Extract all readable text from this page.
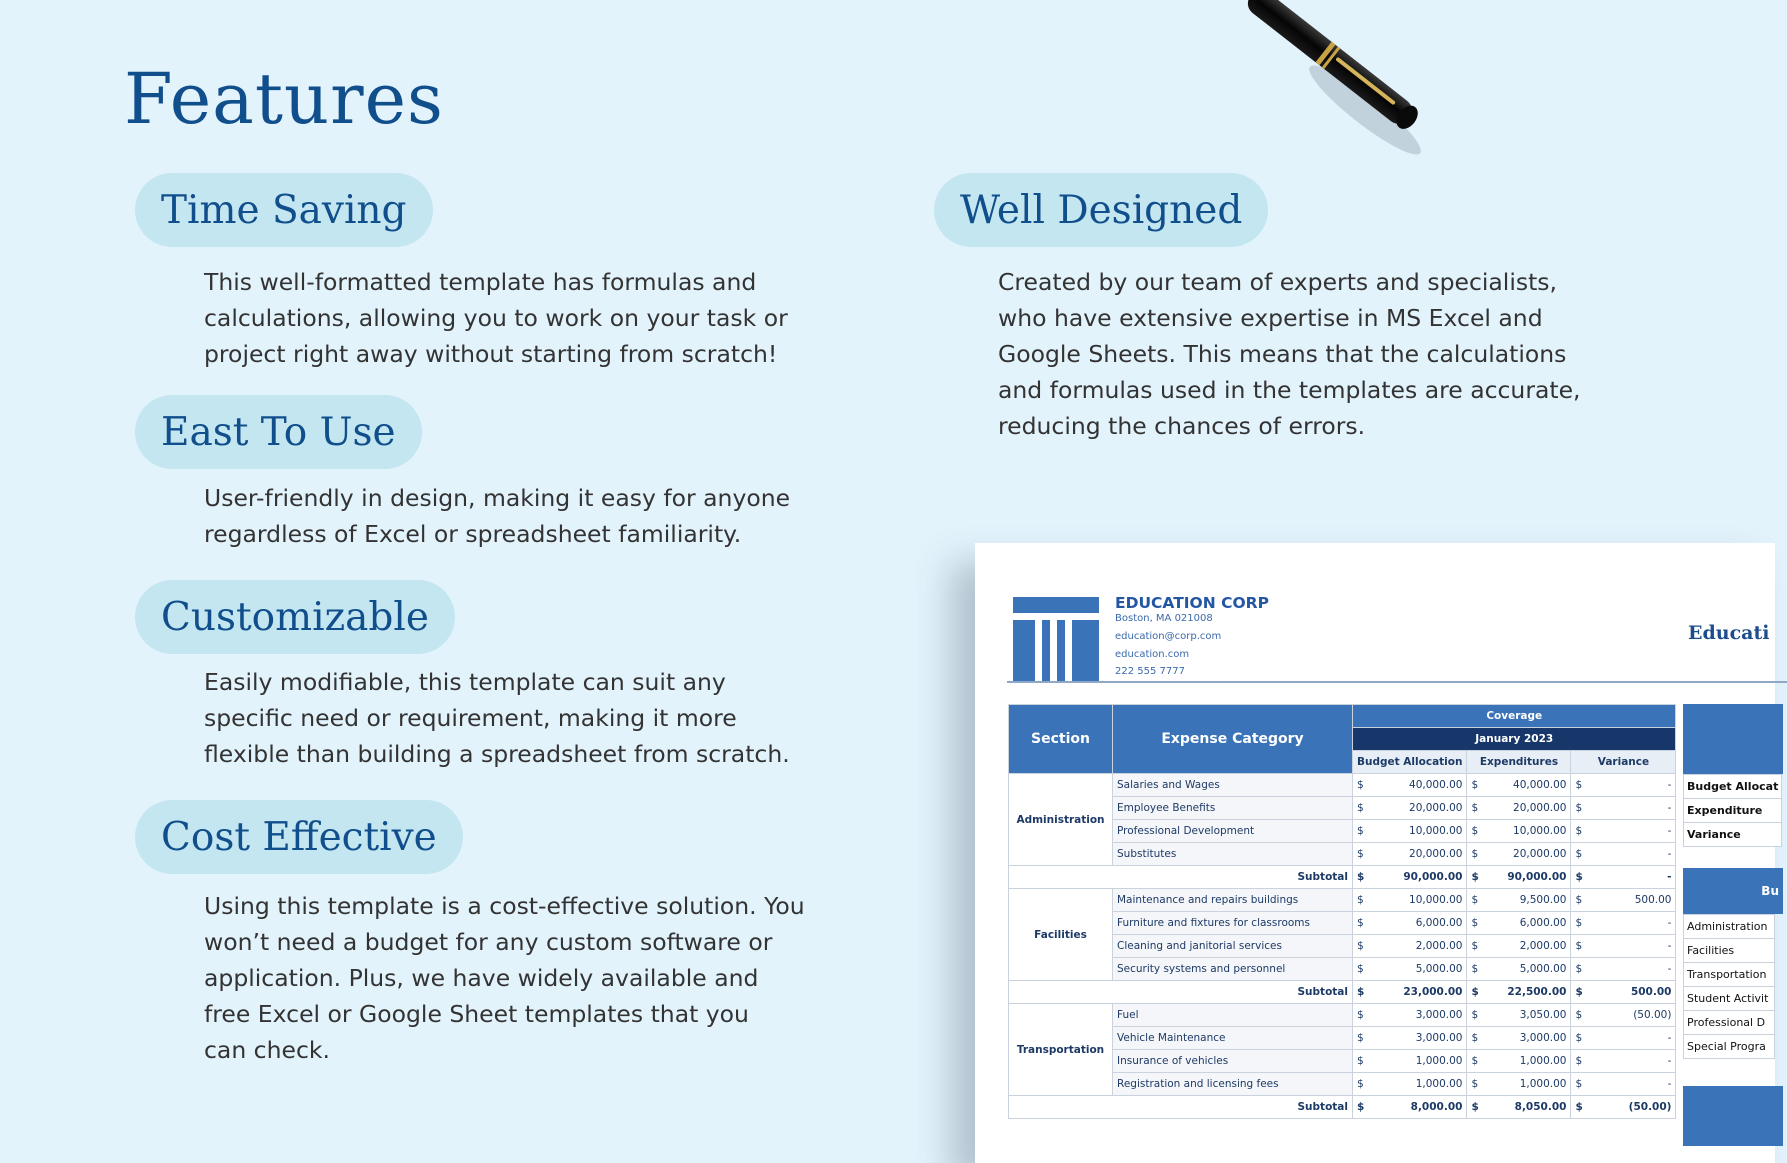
Features
Time Saving

This well-formatted template has formulas and
calculations, allowing you to work on your task or
project right away without starting from scratch!

East To Use

User-friendly in design, making it easy for anyone
regardless of Excel or spreadsheet familiarity.

Customizable

Easily modifiable, this template can suit any
specific need or requirement, making it more
flexible than building a spreadsheet from scratch.

Cost Effective

Using this template is a cost-effective solution. You
won’t need a budget for any custom software or
application. Plus, we have widely available and
free Excel or Google Sheet templates that you
can check.

Well Designed

Created by our team of experts and specialists,
who have extensive expertise in MS Excel and
Google Sheets. This means that the calculations
and formulas used in the templates are accurate,
reducing the chances of errors.

EDUCATION CORP
Boston, MA 021008
education@corp.com
education.com
222 555 7777
Educati
Section	Expense Category	Coverage		
		January 2023		
		Budget Allocation	Expenditures	Variance
Administration	Salaries and Wages	$ 40,000.00	$ 40,000.00	$ -

	Employee Benefits	$ 20,000.00	$ 20,000.00	$ -

	Professional Development	$ 10,000.00	$ 10,000.00	$ -

	Substitutes	$ 20,000.00	$ 20,000.00	$ -

Subtotal		$ 90,000.00	$ 90,000.00	$ -

Facilities	Maintenance and repairs buildings	$ 10,000.00	$ 9,500.00	$ 500.00

	Furniture and fixtures for classrooms	$ 6,000.00	$ 6,000.00	$ -

	Cleaning and janitorial services	$ 2,000.00	$ 2,000.00	$ -

	Security systems and personnel	$ 5,000.00	$ 5,000.00	$ -

Subtotal		$ 23,000.00	$ 22,500.00	$ 500.00

Transportation	Fuel	$ 3,000.00	$ 3,050.00	$ (50.00)

	Vehicle Maintenance	$ 3,000.00	$ 3,000.00	$ -

	Insurance of vehicles	$ 1,000.00	$ 1,000.00	$ -

	Registration and licensing fees	$ 1,000.00	$ 1,000.00	$ -

Subtotal		$ 8,000.00	$ 8,050.00	$ (50.00)
Budget Allocat
Expenditure
Variance
Bu
Administration
Facilities
Transportation
Student Activit
Professional D
Special Progra
